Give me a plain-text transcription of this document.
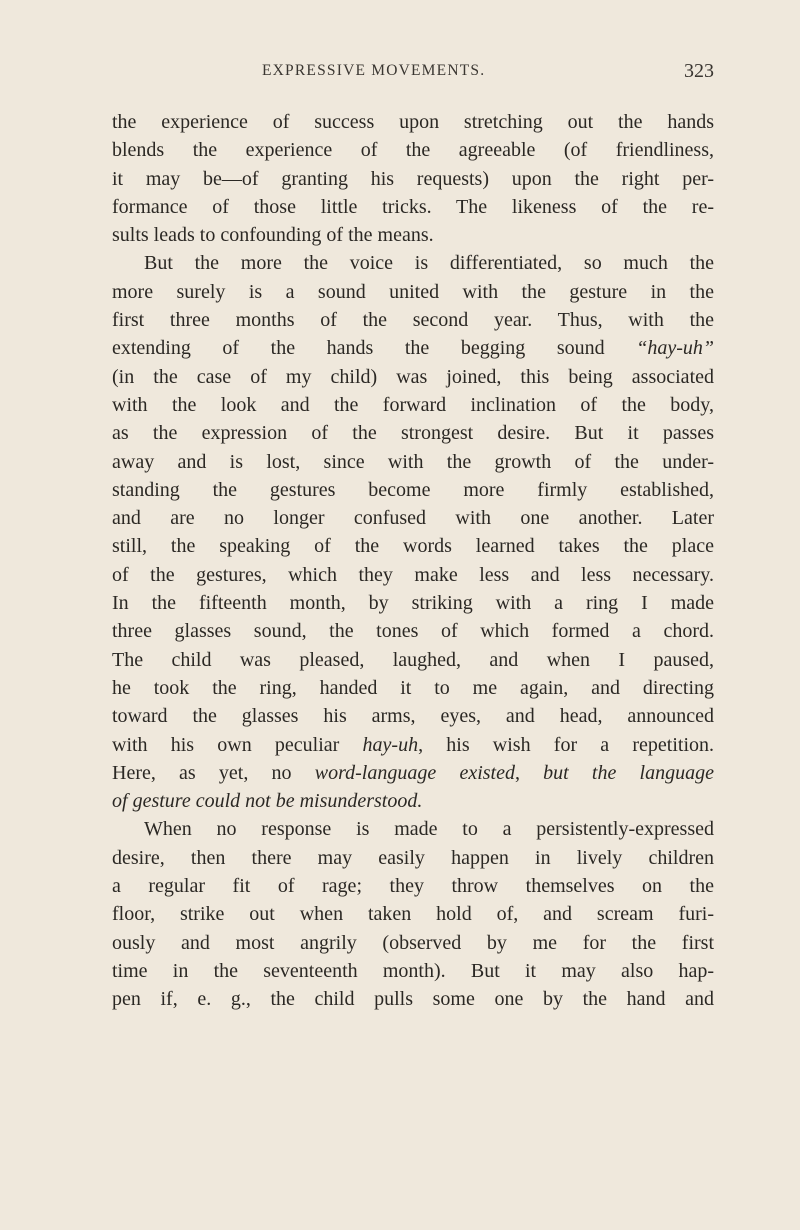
EXPRESSIVE MOVEMENTS.	323

the experience of success upon stretching out the hands
blends the experience of the agreeable (of friendliness,
it may be—of granting his requests) upon the right per-
formance of those little tricks. The likeness of the re-
sults leads to confounding of the means.

But the more the voice is differentiated, so much the
more surely is a sound united with the gesture in the
first three months of the second year. Thus, with the
extending of the hands the begging sound “hay-uh”
(in the case of my child) was joined, this being associated
with the look and the forward inclination of the body,
as the expression of the strongest desire. But it passes
away and is lost, since with the growth of the under-
standing the gestures become more firmly established,
and are no longer confused with one another. Later
still, the speaking of the words learned takes the place
of the gestures, which they make less and less necessary.
In the fifteenth month, by striking with a ring I made
three glasses sound, the tones of which formed a chord.
The child was pleased, laughed, and when I paused,
he took the ring, handed it to me again, and directing
toward the glasses his arms, eyes, and head, announced
with his own peculiar hay-uh, his wish for a repetition.
Here, as yet, no word-language existed, but the language
of gesture could not be misunderstood.

When no response is made to a persistently-expressed
desire, then there may easily happen in lively children
a regular fit of rage; they throw themselves on the
floor, strike out when taken hold of, and scream furi-
ously and most angrily (observed by me for the first
time in the seventeenth month). But it may also hap-
pen if, e. g., the child pulls some one by the hand and
